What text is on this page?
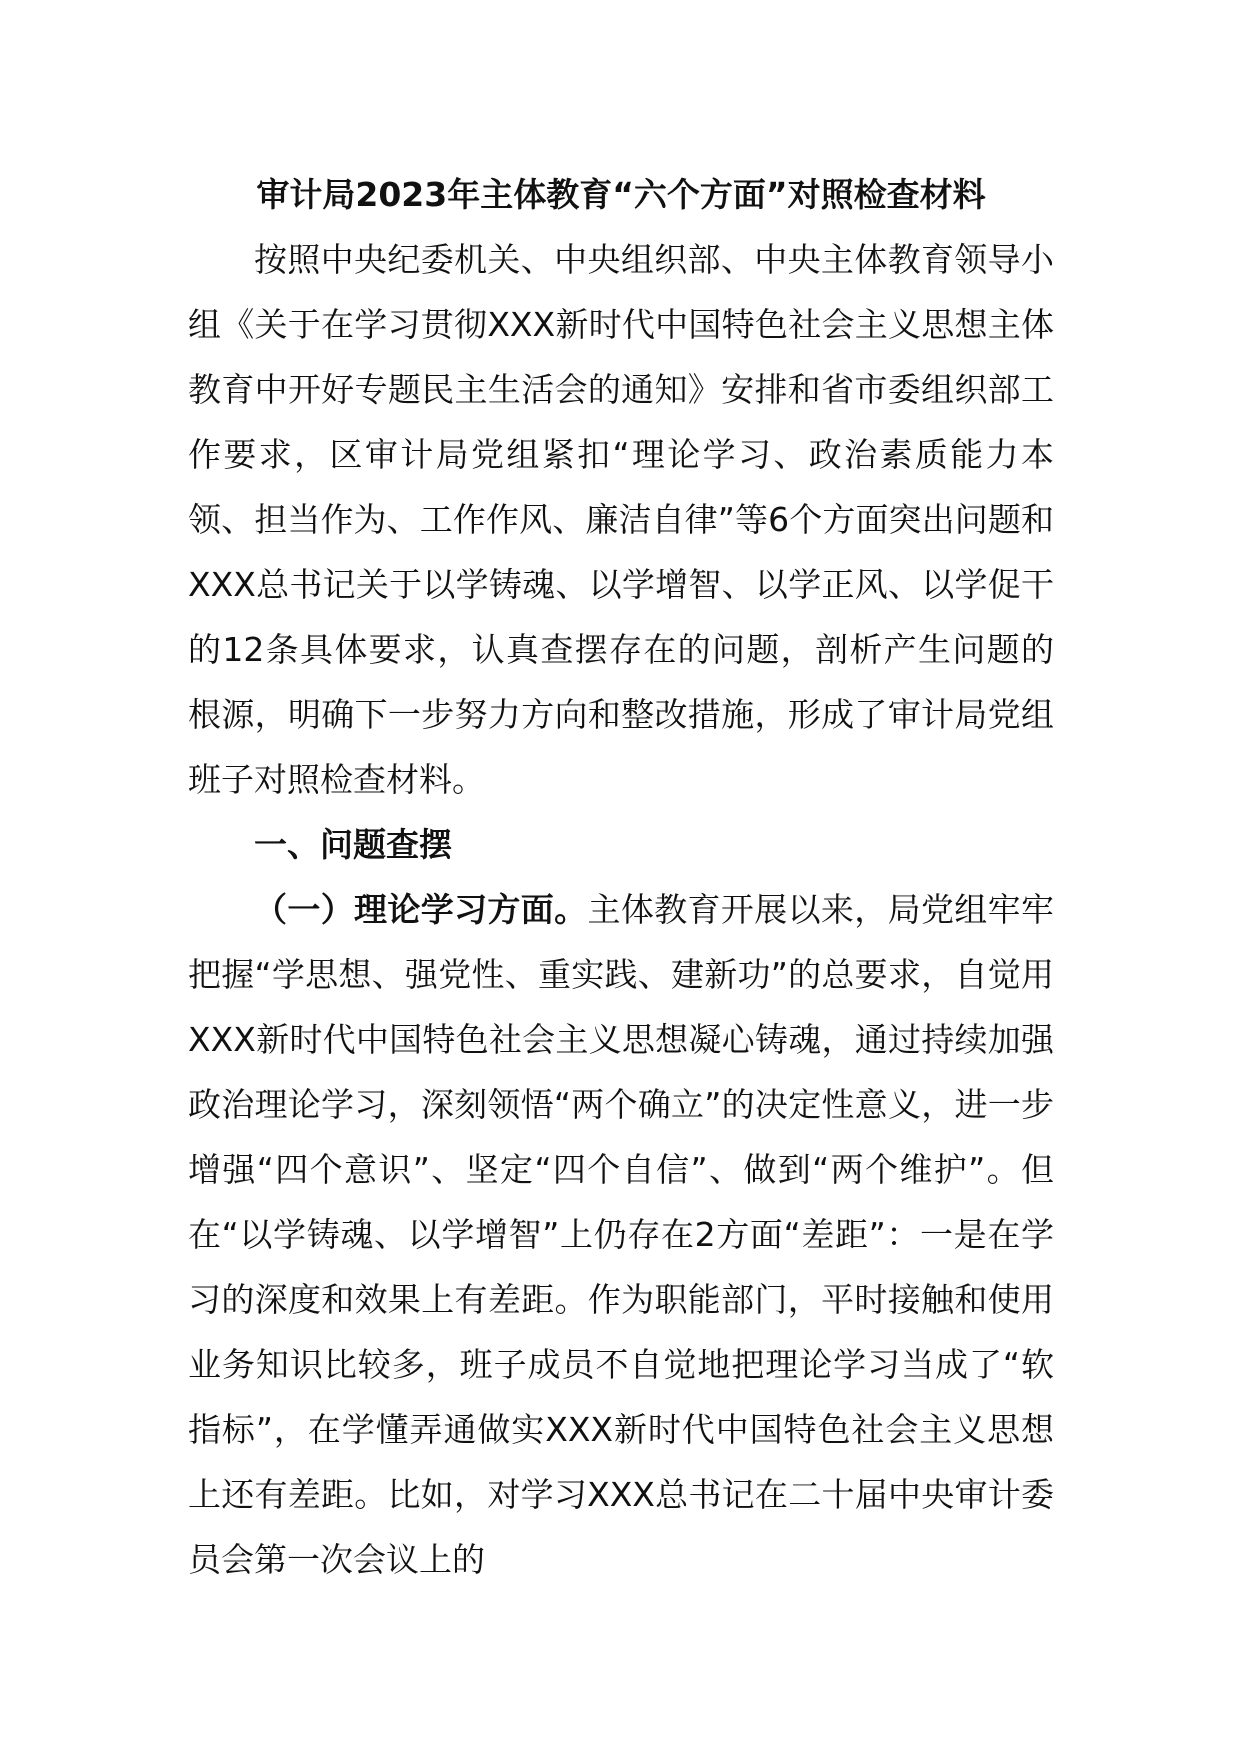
审计局2023年主体教育“六个方面”对照检查材料

按照中央纪委机关、中央组织部、中央主体教育领导小组《关于在学习贯彻XXX新时代中国特色社会主义思想主体教育中开好专题民主生活会的通知》安排和省市委组织部工作要求，区审计局党组紧扣“理论学习、政治素质能力本领、担当作为、工作作风、廉洁自律”等6个方面突出问题和XXX总书记关于以学铸魂、以学增智、以学正风、以学促干的12条具体要求，认真查摆存在的问题，剖析产生问题的根源，明确下一步努力方向和整改措施，形成了审计局党组班子对照检查材料。

一、问题查摆

（一）理论学习方面。主体教育开展以来，局党组牢牢把握“学思想、强党性、重实践、建新功”的总要求，自觉用XXX新时代中国特色社会主义思想凝心铸魂，通过持续加强政治理论学习，深刻领悟“两个确立”的决定性意义，进一步增强“四个意识”、坚定“四个自信”、做到“两个维护”。但在“以学铸魂、以学增智”上仍存在2方面“差距”：一是在学习的深度和效果上有差距。作为职能部门，平时接触和使用业务知识比较多，班子成员不自觉地把理论学习当成了“软指标”，在学懂弄通做实XXX新时代中国特色社会主义思想上还有差距。比如，对学习XXX总书记在二十届中央审计委员会第一次会议上的
